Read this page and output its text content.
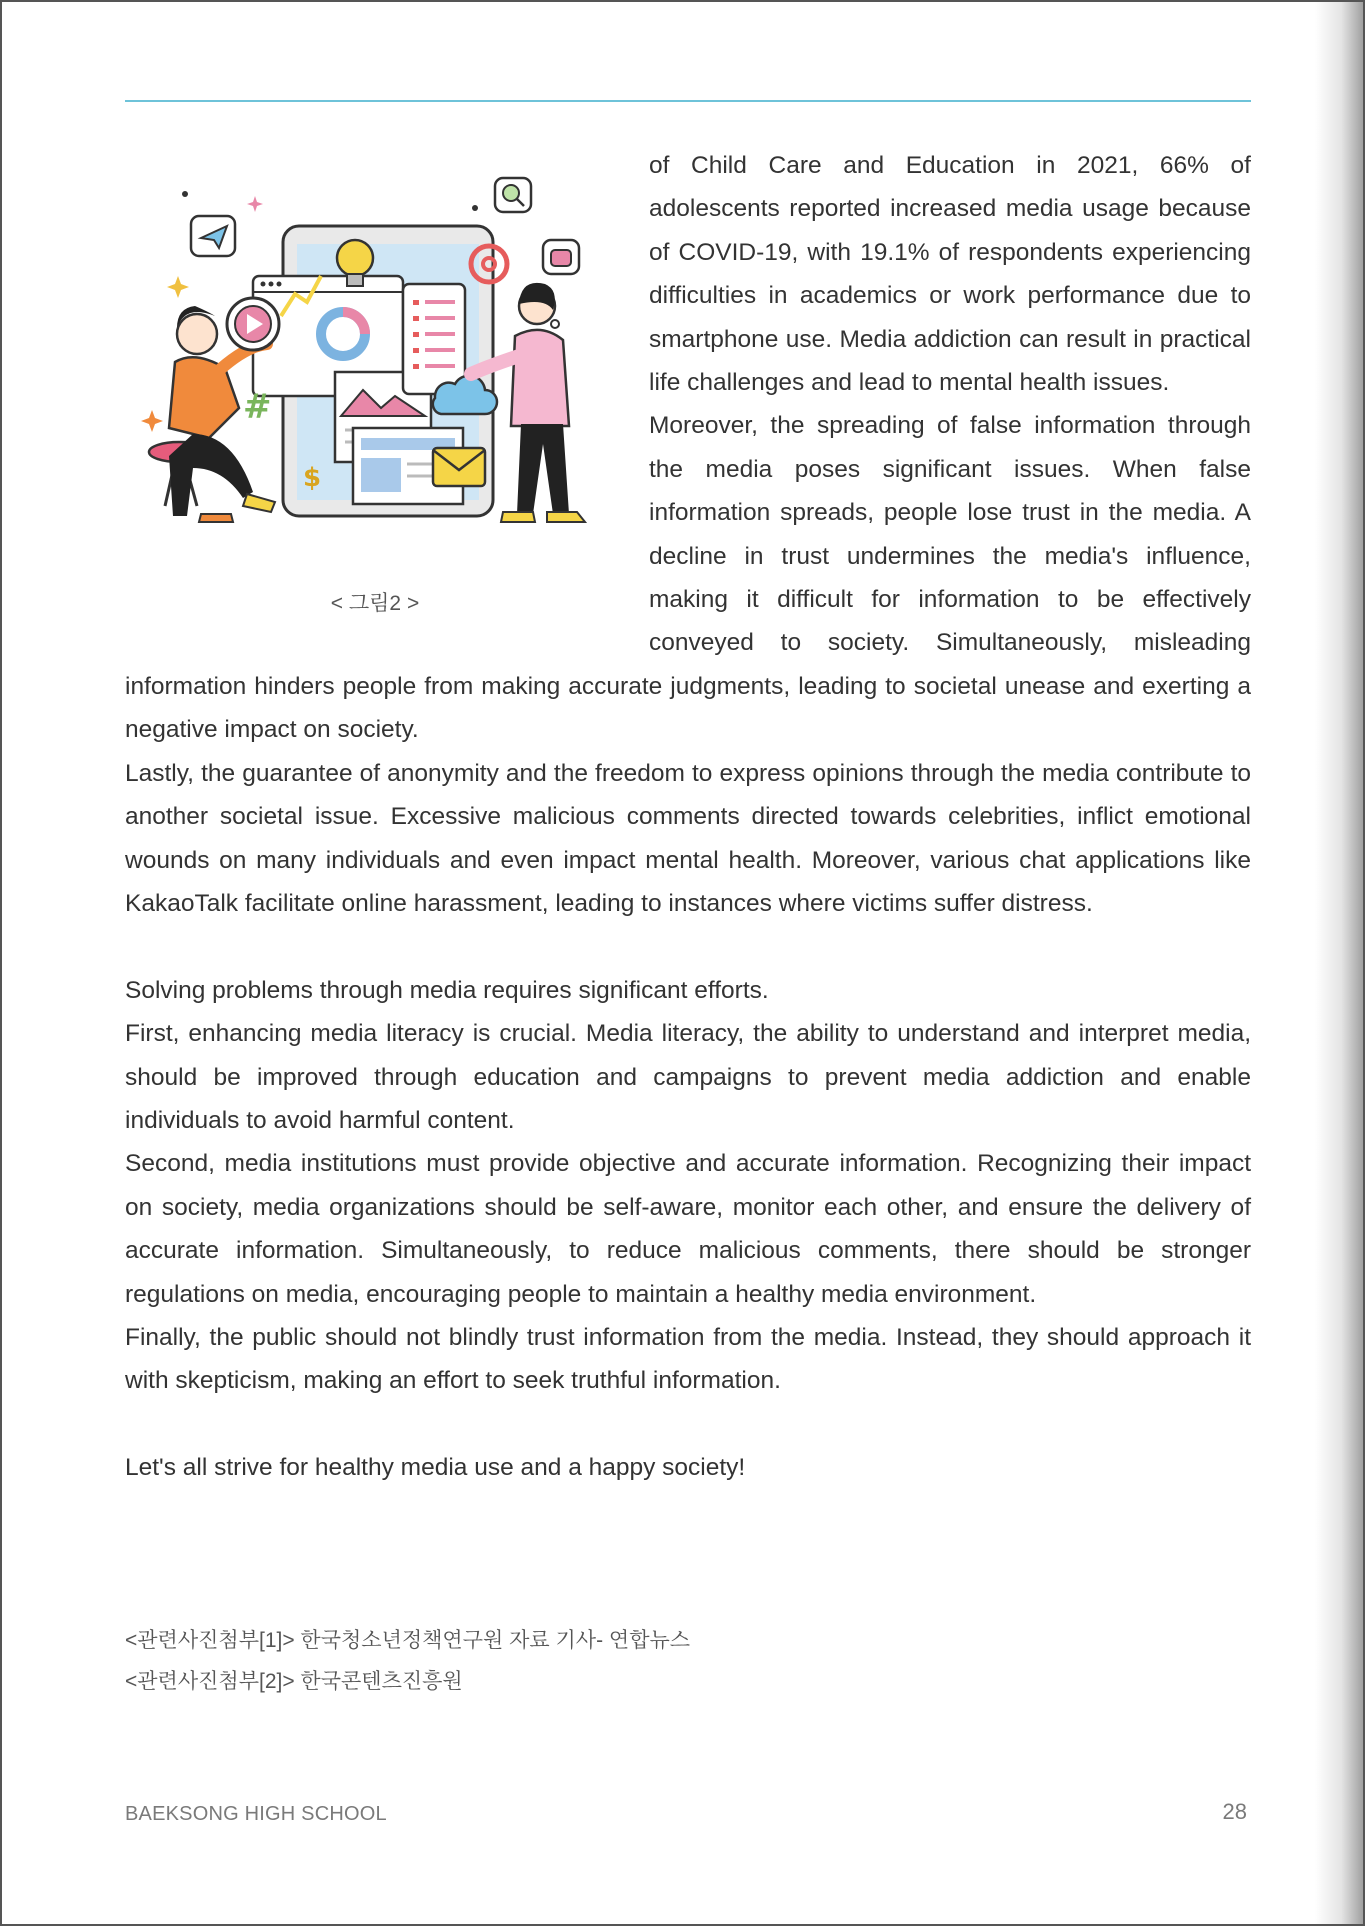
#
$
< 그림2 >

of Child Care and Education in 2021, 66% of adolescents reported increased media usage because of COVID-19, with 19.1% of respondents experiencing difficulties in academics or work performance due to smartphone use. Media addiction can result in practical life challenges and lead to mental health issues.

Moreover, the spreading of false information through the media poses significant issues. When false information spreads, people lose trust in the media. A decline in trust undermines the media's influence, making it difficult for information to be effectively conveyed to society. Simultaneously, misleading information hinders people from making accurate judgments, leading to societal unease and exerting a negative impact on society.

Lastly, the guarantee of anonymity and the freedom to express opinions through the media contribute to another societal issue. Excessive malicious comments directed towards celebrities, inflict emotional wounds on many individuals and even impact mental health. Moreover, various chat applications like KakaoTalk facilitate online harassment, leading to instances where victims suffer distress.

Solving problems through media requires significant efforts.

First, enhancing media literacy is crucial. Media literacy, the ability to understand and interpret media, should be improved through education and campaigns to prevent media addiction and enable individuals to avoid harmful content.

Second, media institutions must provide objective and accurate information. Recognizing their impact on society, media organizations should be self-aware, monitor each other, and ensure the delivery of accurate information. Simultaneously, to reduce malicious comments, there should be stronger regulations on media, encouraging people to maintain a healthy media environment.

Finally, the public should not blindly trust information from the media. Instead, they should approach it with skepticism, making an effort to seek truthful information.

Let's all strive for healthy media use and a happy society!

<관련사진첨부[1]> 한국청소년정책연구원 자료 기사- 연합뉴스
<관련사진첨부[2]> 한국콘텐츠진흥원
BAEKSONG HIGH SCHOOL	28
